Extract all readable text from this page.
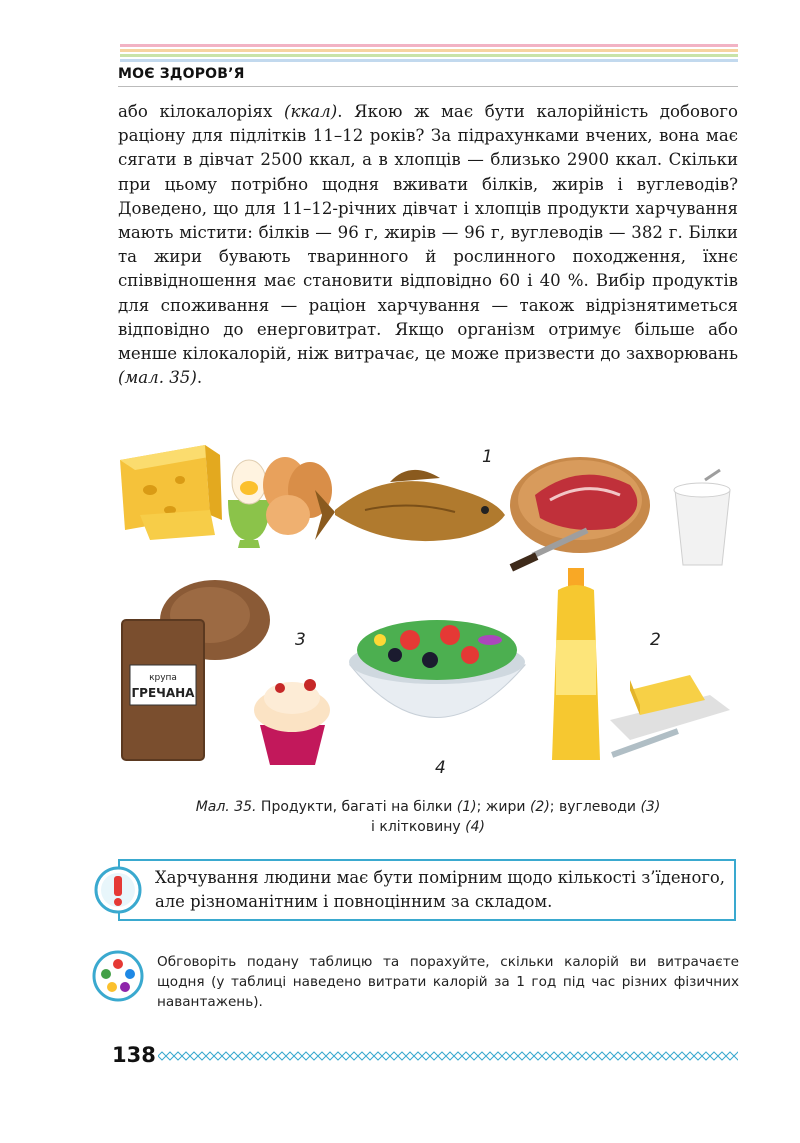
МОЄ ЗДОРОВ’Я

або кілокалоріях (ккал). Якою ж має бути калорійність добового раціону для підлітків 11–12 років? За підрахунками вчених, вона має сягати в дівчат 2500 ккал, а в хлопців — близько 2900 ккал. Скільки при цьому потрібно щодня вживати білків, жирів і вуглеводів? Доведено, що для 11–12-річних дівчат і хлопців продукти харчування мають містити: білків — 96 г, жирів — 96 г, вуглеводів — 382 г. Білки та жири бувають тваринного й рослинного походження, їхнє співвідношення має становити відповідно 60 і 40 %. Вибір продуктів для споживання — раціон харчування — також відрізнятиметься відповідно до енерговитрат. Якщо організм отримує більше або менше кілокалорій, ніж витрачає, це може призвести до захворювань (мал. 35).

крупа
ГРЕЧАНА
1
2
3
4
Мал. 35. Продукти, багаті на білки (1); жири (2); вуглеводи (3)
і клітковину (4)
Харчування людини має бути помірним щодо кількості з’їденого, але різноманітним і повноцінним за складом.
Обговоріть подану таблицю та порахуйте, скільки калорій ви витрачаєте щодня (у таблиці наведено витрати калорій за 1 год під час різних фізичних навантажень).
138
